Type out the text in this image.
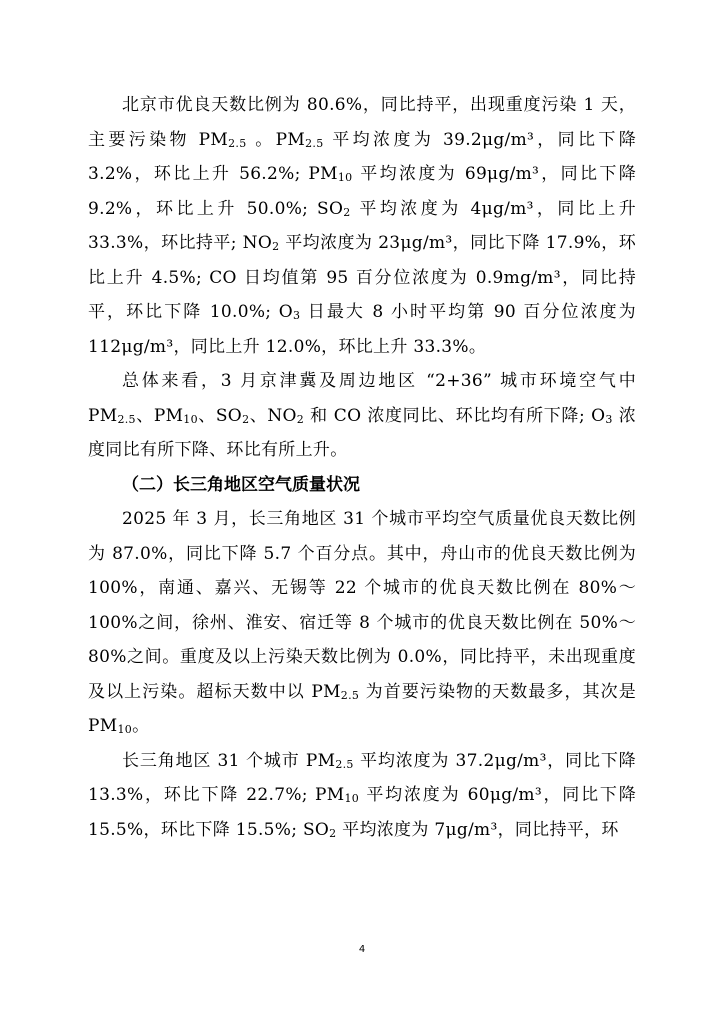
北京市优良天数比例为 80.6%，同比持平，出现重度污染 1 天，主要污染物 $PM_{2.5}$ 。$PM_{2.5}$ 平均浓度为 39.2μg/m³，同比下降 3.2%，环比上升 56.2%; $PM_{10}$ 平均浓度为 69μg/m³，同比下降 9.2%，环比上升 50.0%; $SO_2$ 平均浓度为 4μg/m³，同比上升 33.3%，环比持平; $NO_2$ 平均浓度为 23μg/m³，同比下降 17.9%，环比上升 4.5%; CO 日均值第 95 百分位浓度为 0.9mg/m³，同比持平，环比下降 10.0%; $O_3$ 日最大 8 小时平均第 90 百分位浓度为 112μg/m³，同比上升 12.0%，环比上升 33.3%。

总体来看，3 月京津冀及周边地区 “2+36” 城市环境空气中 $PM_{2.5}$、$PM_{10}$、$SO_2$、$NO_2$ 和 CO 浓度同比、环比均有所下降; $O_3$ 浓度同比有所下降、环比有所上升。

（二）长三角地区空气质量状况

2025 年 3 月，长三角地区 31 个城市平均空气质量优良天数比例为 87.0%，同比下降 5.7 个百分点。其中，舟山市的优良天数比例为 100%，南通、嘉兴、无锡等 22 个城市的优良天数比例在 80%～100%之间，徐州、淮安、宿迁等 8 个城市的优良天数比例在 50%～80%之间。重度及以上污染天数比例为 0.0%，同比持平，未出现重度及以上污染。超标天数中以 $PM_{2.5}$ 为首要污染物的天数最多，其次是 $PM_{10}$。

长三角地区 31 个城市 $PM_{2.5}$ 平均浓度为 37.2μg/m³，同比下降 13.3%，环比下降 22.7%; $PM_{10}$ 平均浓度为 60μg/m³，同比下降 15.5%，环比下降 15.5%; $SO_2$ 平均浓度为 7μg/m³，同比持平，环

4
